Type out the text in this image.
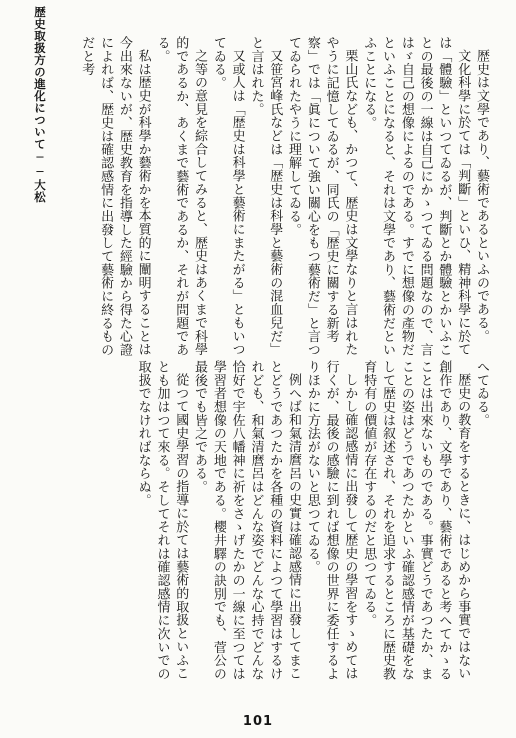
歴史取扱方の進化について──大松	歴史は文學であり、藝術であるといふのである。

文化科學に於ては「判斷」といひ、精神科學に於ては「體驗」といつてゐるが、判斷とか體驗とかいふことの最後の一線は自己にかゝつてゐる問題なので、言はゞ自己の想像によるのである。すでに想像の產物だといふことになると、それは文學であり、藝術だといふことになる。

栗山氏なども、かつて、歴史は文學なりと言はれたやうに記憶してゐるが、同氏の「歴史に關する新考察」では「眞について強い關心をもつ藝術だ」と言つてゐられたやうに理解してゐる。

又笹宮峰氏などは「歴史は科學と藝術の混血兒だ」と言はれた。

又或人は「歴史は科學と藝術にまたがる」ともいつてゐる。

之等の意見を綜合してみると、歴史はあくまで科學的であるか、あくまで藝術であるか、それが問題である。

私は歴史が科學か藝術かを本質的に闡明することは今出來ないが、歴史教育を指導した經驗から得た心證によれば、歴史は確認感情に出發して藝術に終るものだと考

へてゐる。

歴史の教育をするときに、はじめから事實ではない創作であり、文學であり、藝術であると考へてかゝることは出來ないものである。事實どうであつたか、まことの姿はどうであつたかといふ確認感情が基礎をなして歴史は叙述され、それを追求するところに歴史教育特有の價値が存在するのだと思つてゐる。

しかし確認感情に出發して歴史の學習をすゝめては行くが、最後の感驗に到れば想像の世界に委任するよりほかに方法がないと思つてゐる。

例へば和氣清麿呂の史實は確認感情に出發してまことどうであつたかを各種の資料によつて學習はするけれども、和氣清麿呂はどんな姿でどんな心持でどんな恰好で宇佐八幡神に祈をさゝげたかの一線に至つては學習者想像の天地である。櫻井驛の訣別でも、菅公の最後でも皆之である。

從つて國史學習の指導に於ては藝術的取扱といふことも加はつて來る。そしてそれは確認感情に次いでの取扱でなければならぬ。

101
